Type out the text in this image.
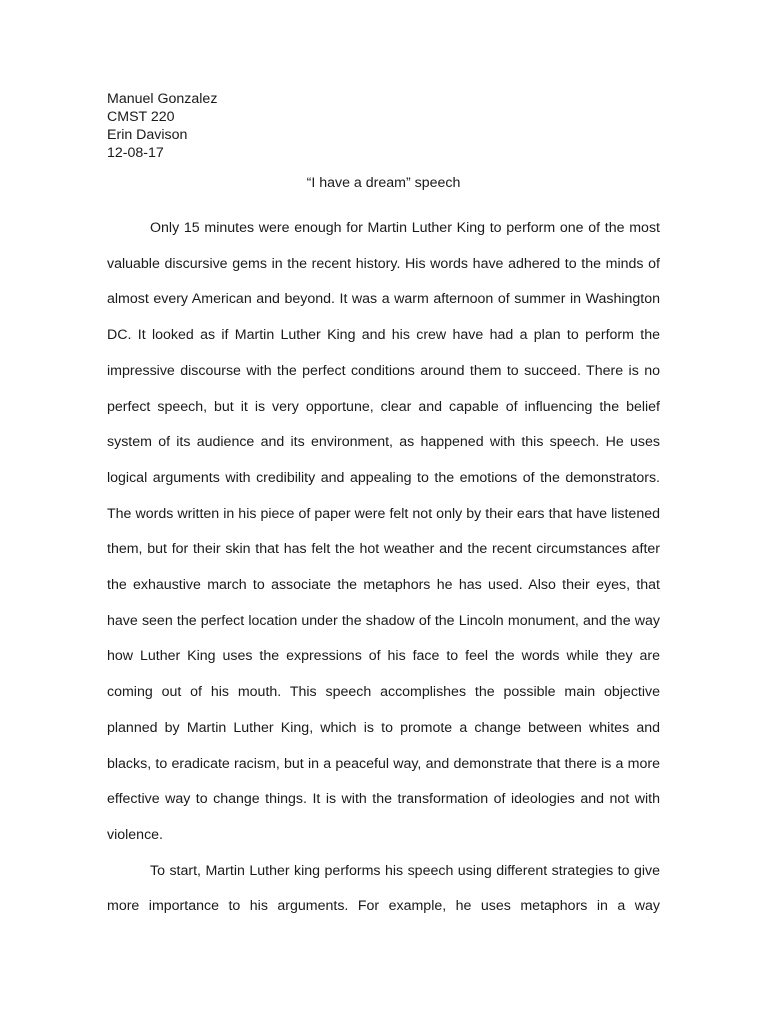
Manuel Gonzalez
CMST 220
Erin Davison
12-08-17
“I have a dream” speech

Only 15 minutes were enough for Martin Luther King to perform one of the most valuable discursive gems in the recent history. His words have adhered to the minds of almost every American and beyond. It was a warm afternoon of summer in Washington DC. It looked as if Martin Luther King and his crew have had a plan to perform the impressive discourse with the perfect conditions around them to succeed. There is no perfect speech, but it is very opportune, clear and capable of influencing the belief system of its audience and its environment, as happened with this speech. He uses logical arguments with credibility and appealing to the emotions of the demonstrators. The words written in his piece of paper were felt not only by their ears that have listened them, but for their skin that has felt the hot weather and the recent circumstances after the exhaustive march to associate the metaphors he has used. Also their eyes, that have seen the perfect location under the shadow of the Lincoln monument, and the way how Luther King uses the expressions of his face to feel the words while they are coming out of his mouth. This speech accomplishes the possible main objective planned by Martin Luther King, which is to promote a change between whites and blacks, to eradicate racism, but in a peaceful way, and demonstrate that there is a more effective way to change things. It is with the transformation of ideologies and not with violence.

To start, Martin Luther king performs his speech using different strategies to give more importance to his arguments. For example, he uses metaphors in a way
